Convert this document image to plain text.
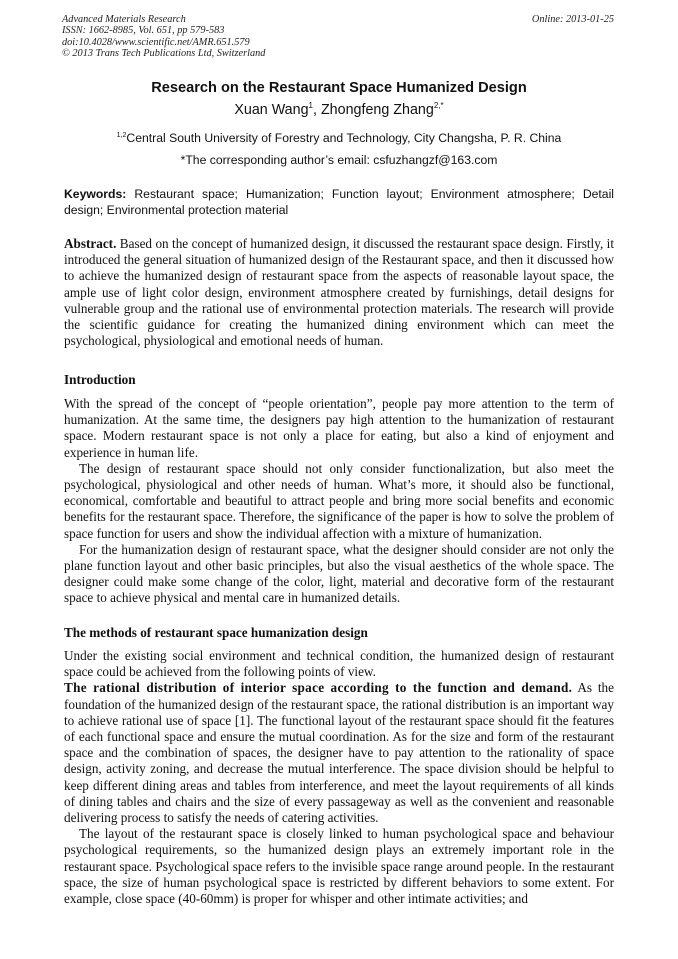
Advanced Materials Research
ISSN: 1662-8985, Vol. 651, pp 579-583
doi:10.4028/www.scientific.net/AMR.651.579
© 2013 Trans Tech Publications Ltd, Switzerland
Online: 2013-01-25
Research on the Restaurant Space Humanized Design
Xuan Wang$^1$, Zhongfeng Zhang$^{2,*}$
$^{1,2}$Central South University of Forestry and Technology, City Changsha, P. R. China
*The corresponding author’s email: csfuzhangzf@163.com
Keywords: Restaurant space; Humanization; Function layout; Environment atmosphere; Detail design; Environmental protection material

Abstract. Based on the concept of humanized design, it discussed the restaurant space design. Firstly, it introduced the general situation of humanized design of the Restaurant space, and then it discussed how to achieve the humanized design of restaurant space from the aspects of reasonable layout space, the ample use of light color design, environment atmosphere created by furnishings, detail designs for vulnerable group and the rational use of environmental protection materials. The research will provide the scientific guidance for creating the humanized dining environment which can meet the psychological, physiological and emotional needs of human.

Introduction

With the spread of the concept of “people orientation”, people pay more attention to the term of humanization. At the same time, the designers pay high attention to the humanization of restaurant space. Modern restaurant space is not only a place for eating, but also a kind of enjoyment and experience in human life.

The design of restaurant space should not only consider functionalization, but also meet the psychological, physiological and other needs of human. What’s more, it should also be functional, economical, comfortable and beautiful to attract people and bring more social benefits and economic benefits for the restaurant space. Therefore, the significance of the paper is how to solve the problem of space function for users and show the individual affection with a mixture of humanization.

For the humanization design of restaurant space, what the designer should consider are not only the plane function layout and other basic principles, but also the visual aesthetics of the whole space. The designer could make some change of the color, light, material and decorative form of the restaurant space to achieve physical and mental care in humanized details.

The methods of restaurant space humanization design

Under the existing social environment and technical condition, the humanized design of restaurant space could be achieved from the following points of view.

The rational distribution of interior space according to the function and demand. As the foundation of the humanized design of the restaurant space, the rational distribution is an important way to achieve rational use of space [1]. The functional layout of the restaurant space should fit the features of each functional space and ensure the mutual coordination. As for the size and form of the restaurant space and the combination of spaces, the designer have to pay attention to the rationality of space design, activity zoning, and decrease the mutual interference. The space division should be helpful to keep different dining areas and tables from interference, and meet the layout requirements of all kinds of dining tables and chairs and the size of every passageway as well as the convenient and reasonable delivering process to satisfy the needs of catering activities.

The layout of the restaurant space is closely linked to human psychological space and behaviour psychological requirements, so the humanized design plays an extremely important role in the restaurant space. Psychological space refers to the invisible space range around people. In the restaurant space, the size of human psychological space is restricted by different behaviors to some extent. For example, close space (40-60mm) is proper for whisper and other intimate activities; and
